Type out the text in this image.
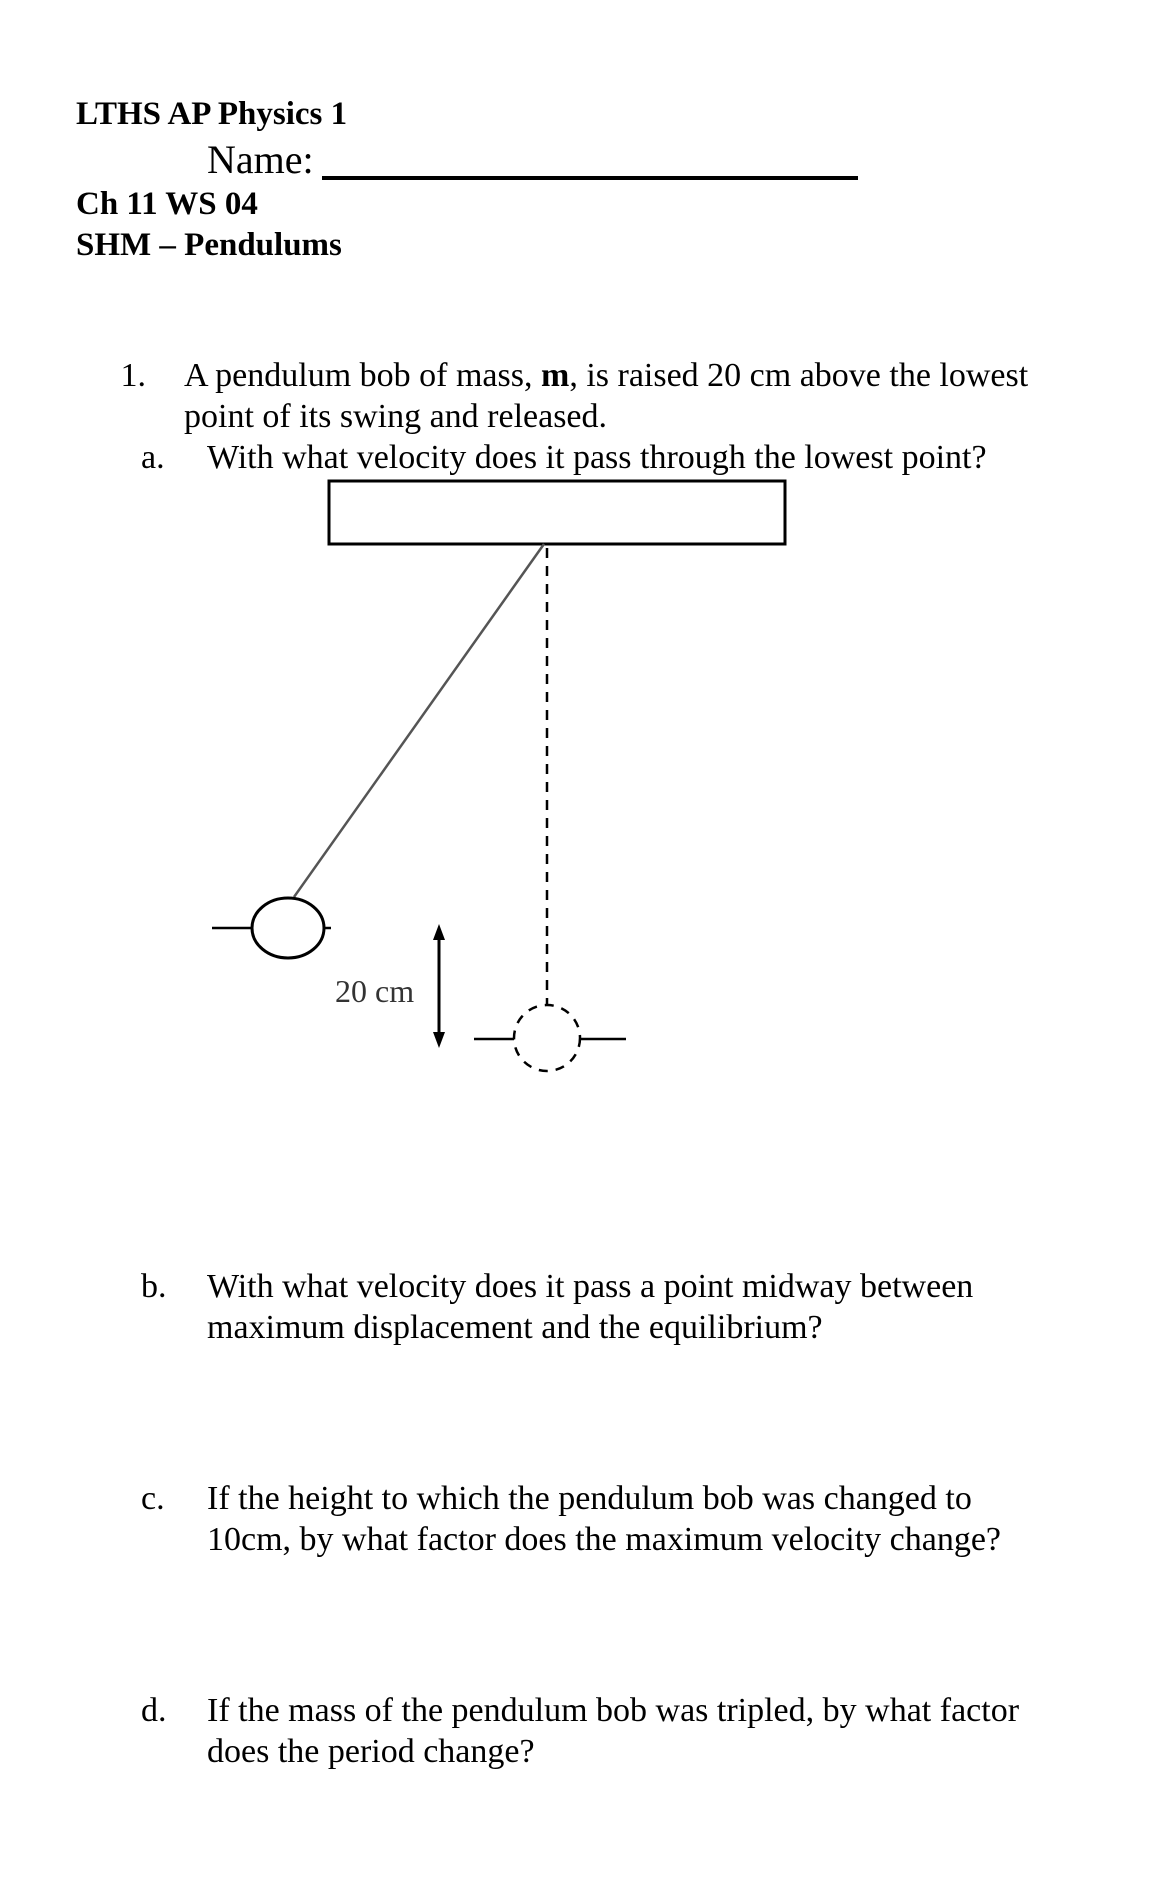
LTHS AP Physics 1
Name:
Ch 11 WS 04
SHM – Pendulums
1. A pendulum bob of mass, m, is raised 20 cm above the lowest
point of its swing and released.
a. With what velocity does it pass through the lowest point?
20 cm
b. With what velocity does it pass a point midway between
maximum displacement and the equilibrium?
c. If the height to which the pendulum bob was changed to
10cm, by what factor does the maximum velocity change?
d. If the mass of the pendulum bob was tripled, by what factor
does the period change?
